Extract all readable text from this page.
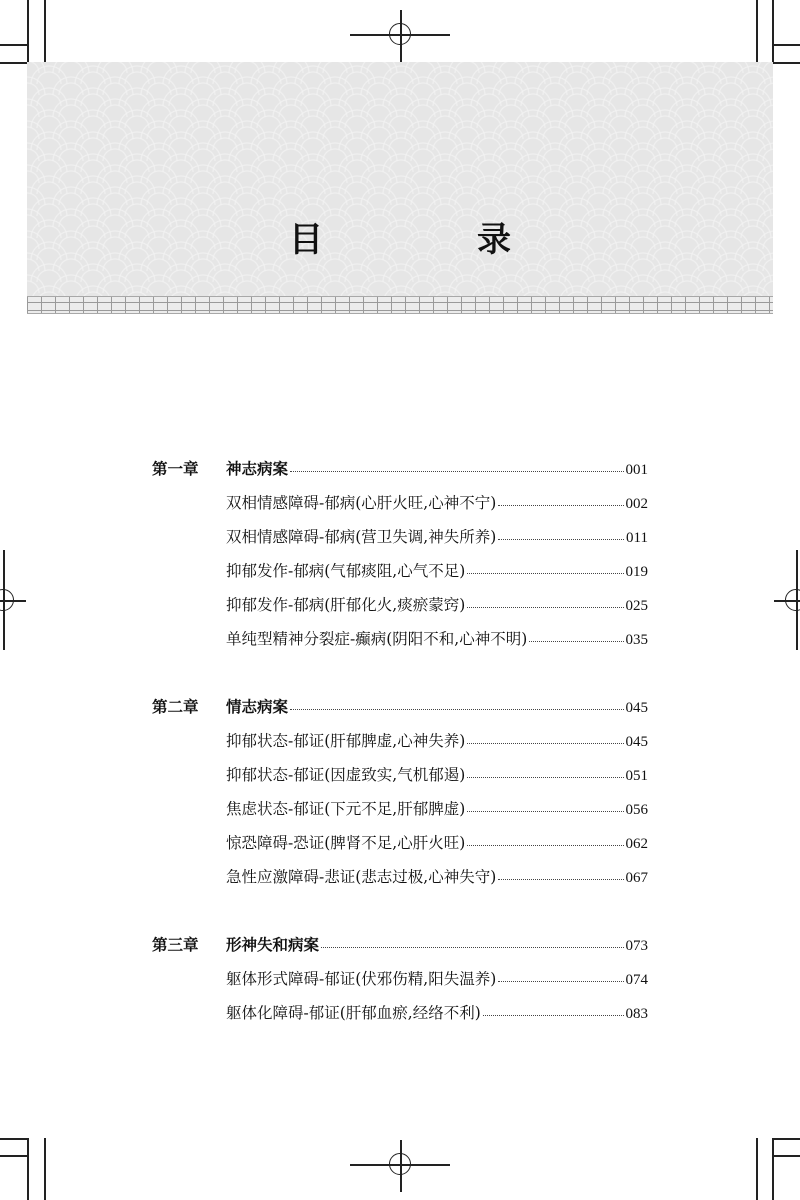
目　录
第一章	神志病案	001
双相情感障碍-郁病(心肝火旺,心神不宁)	002
双相情感障碍-郁病(营卫失调,神失所养)	011
抑郁发作-郁病(气郁痰阻,心气不足)	019
抑郁发作-郁病(肝郁化火,痰瘀蒙窍)	025
单纯型精神分裂症-癫病(阴阳不和,心神不明)	035
第二章	情志病案	045
抑郁状态-郁证(肝郁脾虚,心神失养)	045
抑郁状态-郁证(因虚致实,气机郁遏)	051
焦虑状态-郁证(下元不足,肝郁脾虚)	056
惊恐障碍-恐证(脾肾不足,心肝火旺)	062
急性应激障碍-悲证(悲志过极,心神失守)	067
第三章	形神失和病案	073
躯体形式障碍-郁证(伏邪伤精,阳失温养)	074
躯体化障碍-郁证(肝郁血瘀,经络不利)	083
